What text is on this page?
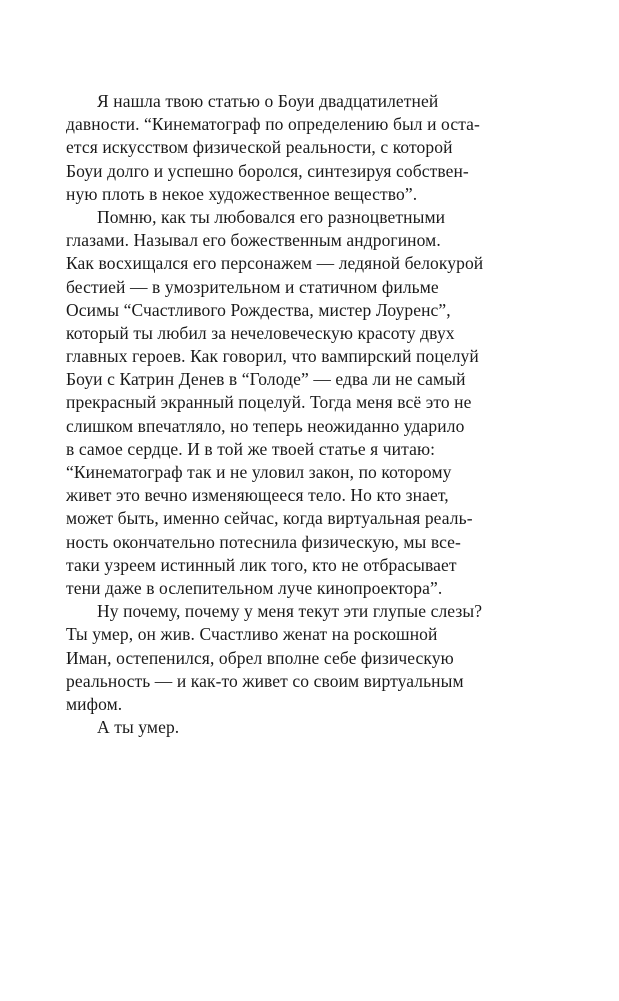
Я нашла твою статью о Боуи двадцатилетней
давности. “Кинематограф по определению был и оста-
ется искусством физической реальности, с которой
Боуи долго и успешно боролся, синтезируя собствен-
ную плоть в некое художественное вещество”.
Помню, как ты любовался его разноцветными
глазами. Называл его божественным андрогином.
Как восхищался его персонажем — ледяной белокурой
бестией — в умозрительном и статичном фильме
Осимы “Счастливого Рождества, мистер Лоуренс”,
который ты любил за нечеловеческую красоту двух
главных героев. Как говорил, что вампирский поцелуй
Боуи с Катрин Денев в “Голоде” — едва ли не самый
прекрасный экранный поцелуй. Тогда меня всё это не
слишком впечатляло, но теперь неожиданно ударило
в самое сердце. И в той же твоей статье я читаю:
“Кинематограф так и не уловил закон, по которому
живет это вечно изменяющееся тело. Но кто знает,
может быть, именно сейчас, когда виртуальная реаль-
ность окончательно потеснила физическую, мы все-
таки узреем истинный лик того, кто не отбрасывает
тени даже в ослепительном луче кинопроектора”.
Ну почему, почему у меня текут эти глупые слезы?
Ты умер, он жив. Счастливо женат на роскошной
Иман, остепенился, обрел вполне себе физическую
реальность — и как-то живет со своим виртуальным
мифом.
А ты умер.
